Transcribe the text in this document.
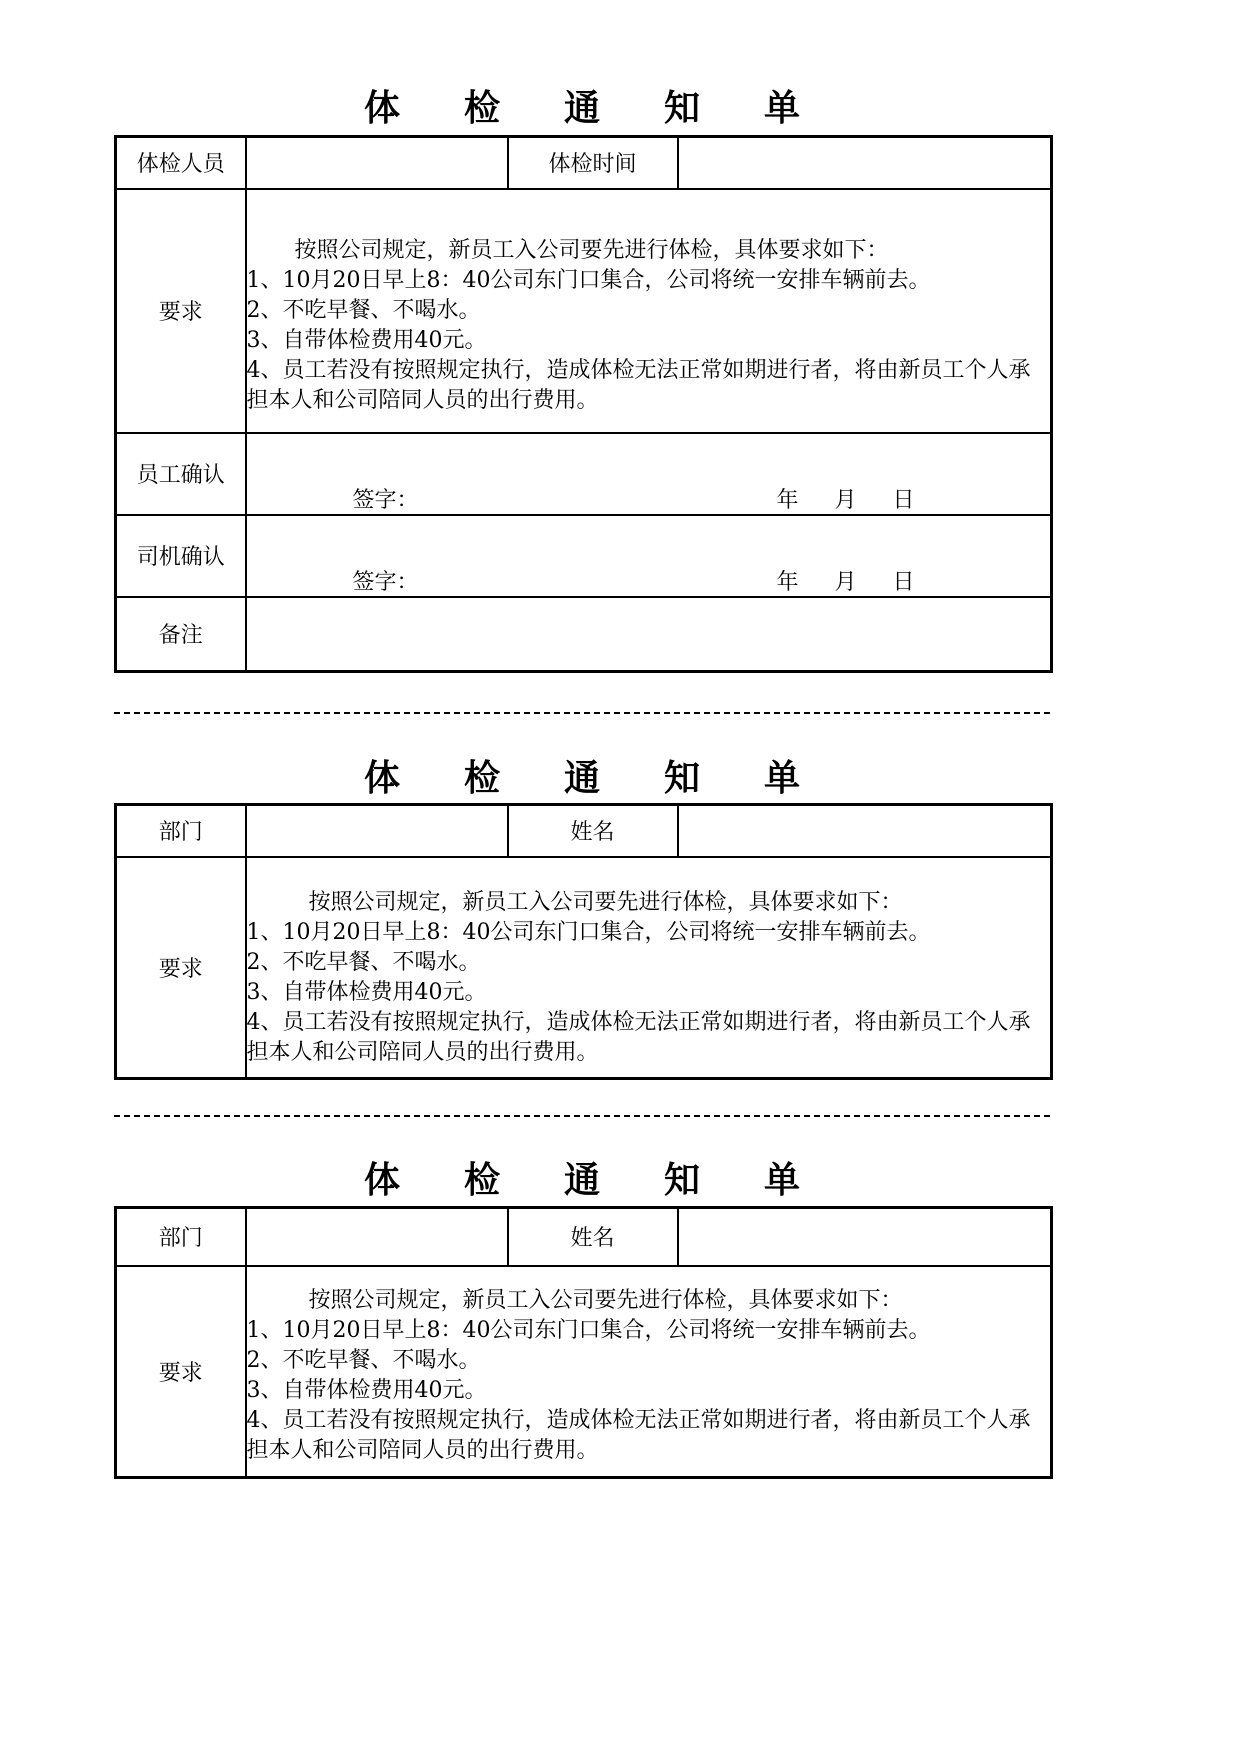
体 检 通 知 单
体检人员		体检时间	
要求	按照公司规定，新员工入公司要先进行体检，具体要求如下：
1、10月20日早上8：40公司东门口集合，公司将统一安排车辆前去。
2、不吃早餐、不喝水。
3、自带体检费用40元。
4、员工若没有按照规定执行，造成体检无法正常如期进行者，将由新员工个人承担本人和公司陪同人员的出行费用。		

员工确认	签字： 年 月 日		

司机确认	签字： 年 月 日		

备注			
体 检 通 知 单
部门		姓名	
要求	按照公司规定，新员工入公司要先进行体检，具体要求如下：
1、10月20日早上8：40公司东门口集合，公司将统一安排车辆前去。
2、不吃早餐、不喝水。
3、自带体检费用40元。
4、员工若没有按照规定执行，造成体检无法正常如期进行者，将由新员工个人承担本人和公司陪同人员的出行费用。		
体 检 通 知 单
部门		姓名	
要求	按照公司规定，新员工入公司要先进行体检，具体要求如下：
1、10月20日早上8：40公司东门口集合，公司将统一安排车辆前去。
2、不吃早餐、不喝水。
3、自带体检费用40元。
4、员工若没有按照规定执行，造成体检无法正常如期进行者，将由新员工个人承担本人和公司陪同人员的出行费用。		
